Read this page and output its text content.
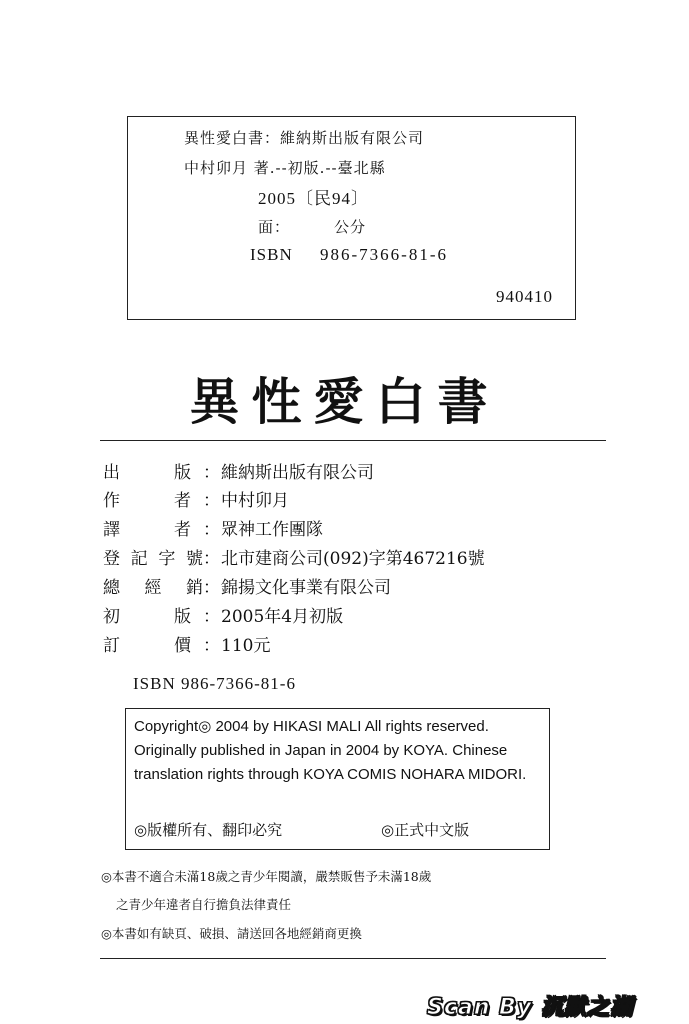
異性愛白書：維納斯出版有限公司
中村卯月 著.--初版.--臺北縣
2005〔民94〕
面：	公分
ISBN 986-7366-81-6
940410
異性愛白書
出	版 ： 維納斯出版有限公司
作	者 ： 中村卯月
譯	者 ： 眾神工作團隊
登 記 字 號 ： 北市建商公司(092)字第467216號
總 經 銷 ： 錦揚文化事業有限公司
初	版 ： 2005年4月初版
訂	價 ： 110元
ISBN 986-7366-81-6
Copyright◎ 2004 by HIKASI MALI All rights reserved. Originally published in Japan in 2004 by KOYA. Chinese translation rights through KOYA COMIS NOHARA MIDORI.
◎版權所有、翻印必究	◎正式中文版
◎本書不適合未滿18歲之青少年閱讀，嚴禁販售予未滿18歲
之青少年違者自行擔負法律責任
◎本書如有缺頁、破損、請送回各地經銷商更換
Scan By 沉默之湖
